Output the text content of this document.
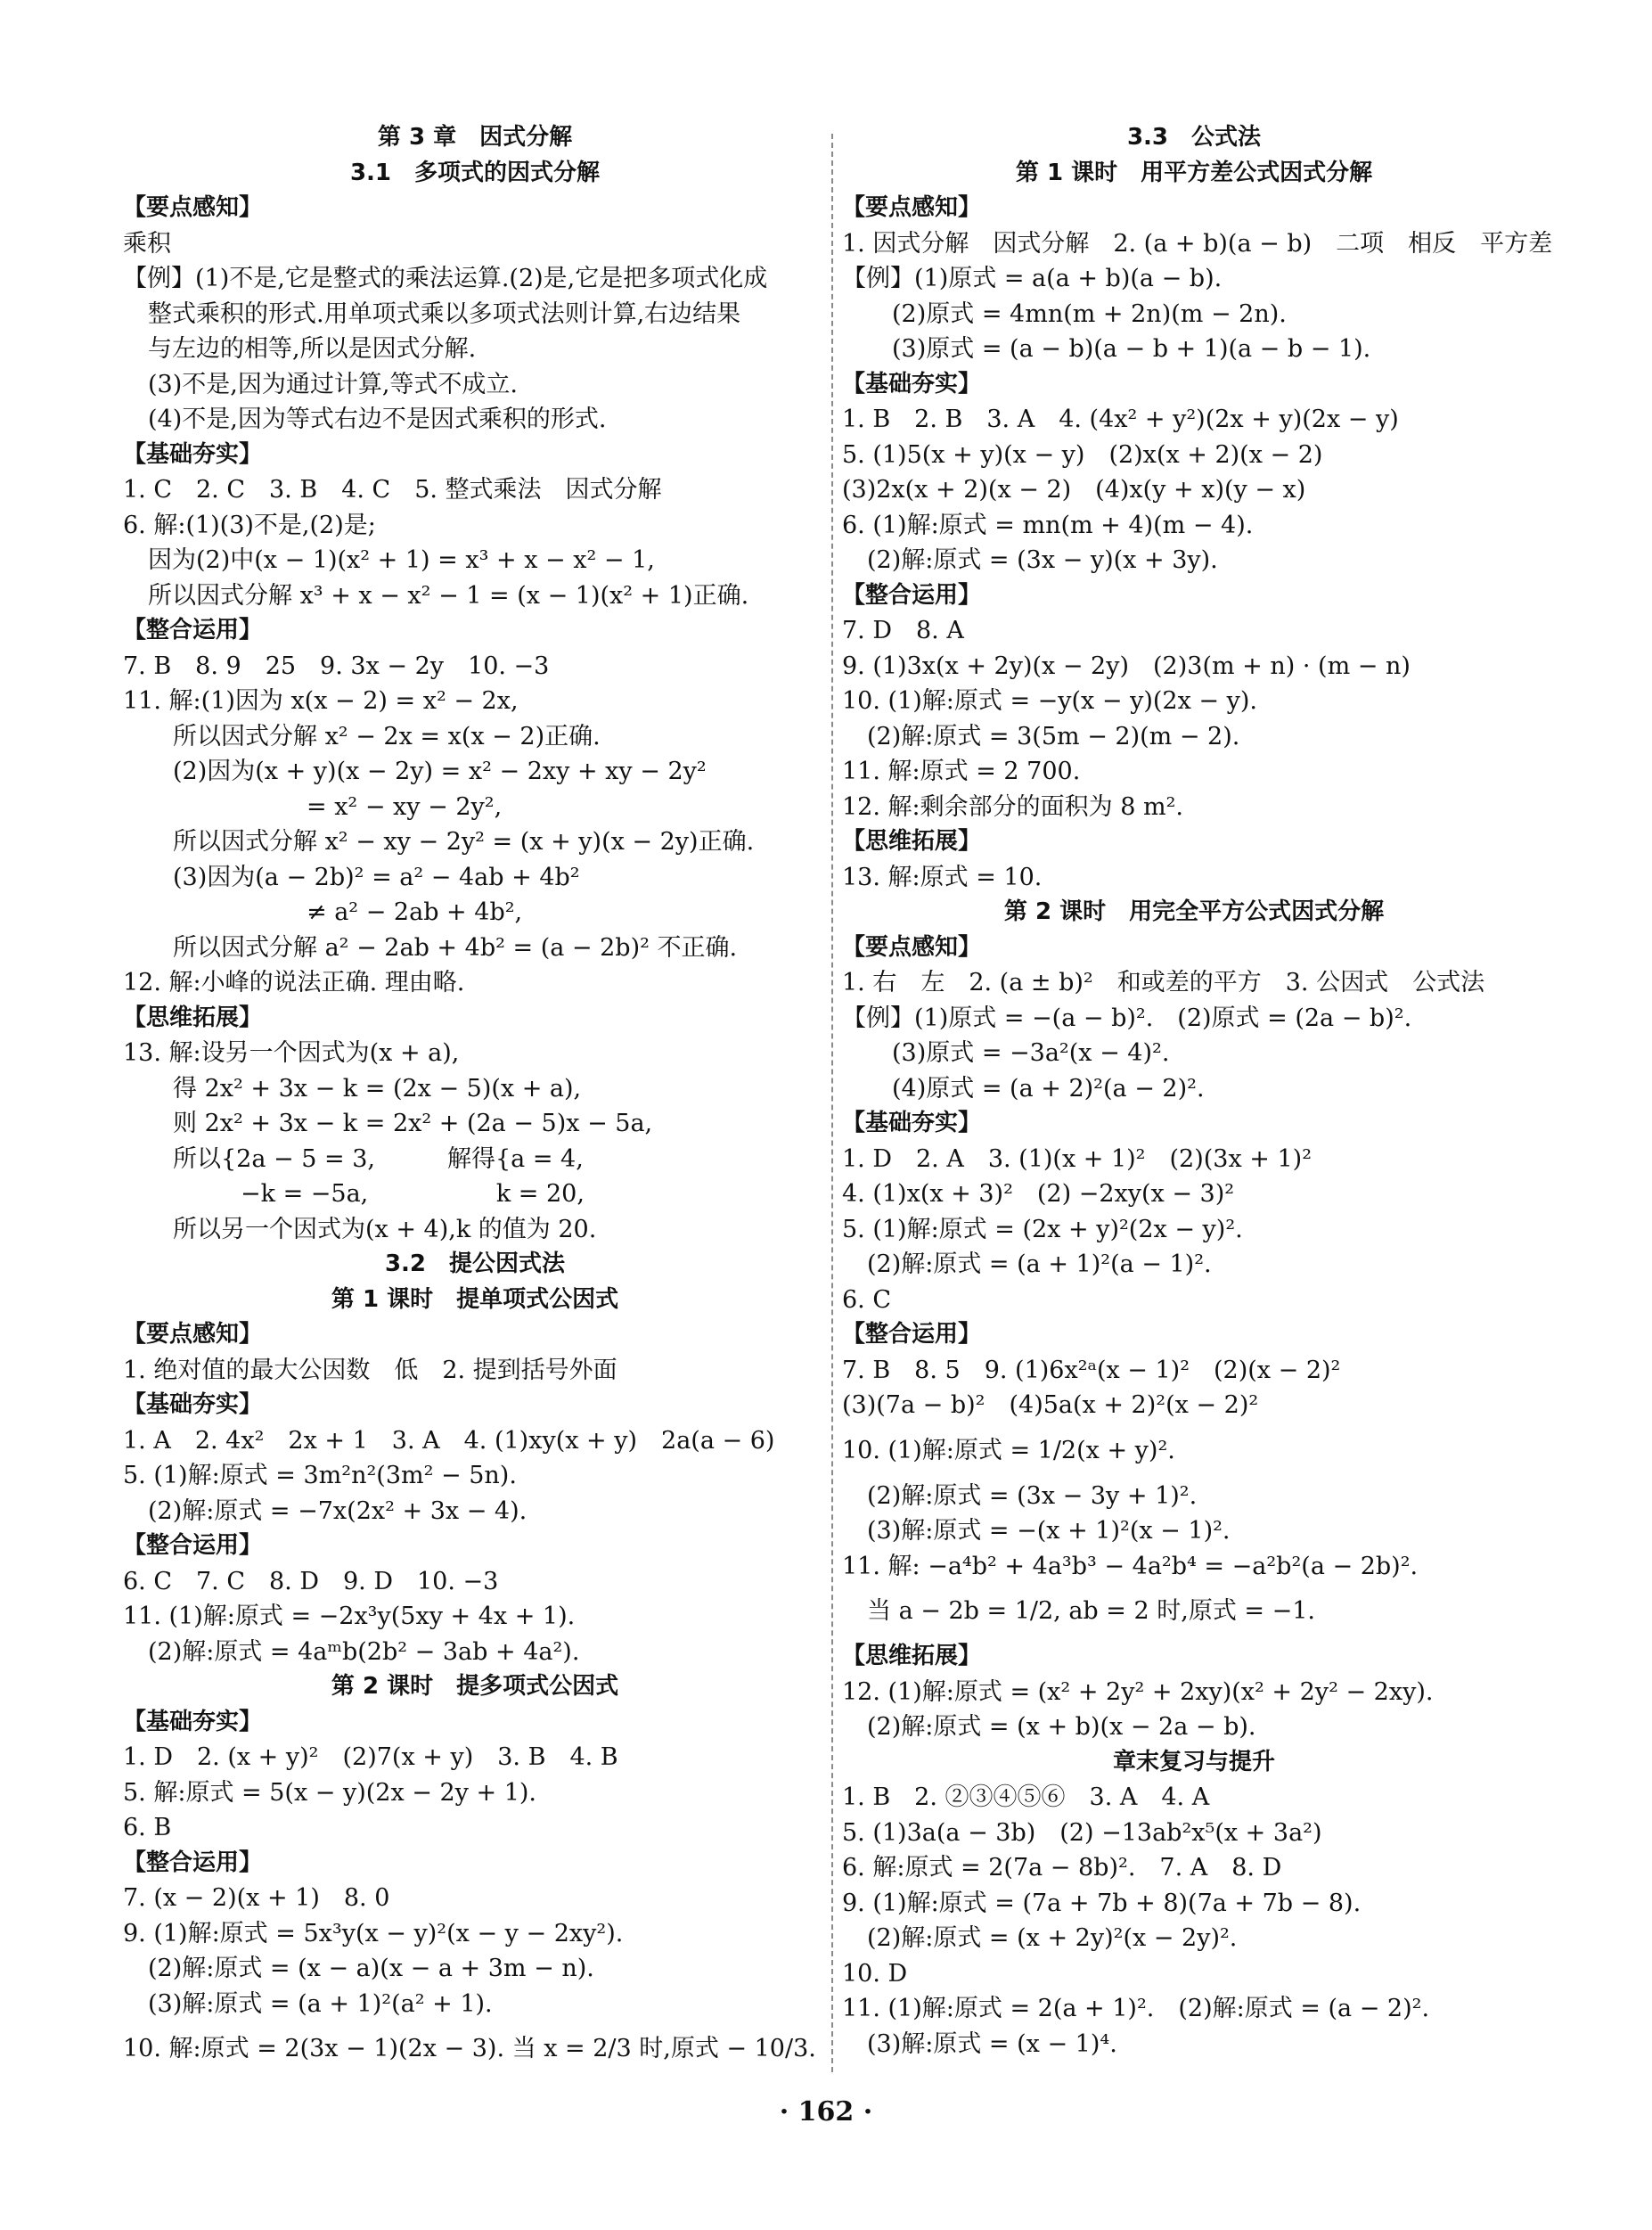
第 3 章　因式分解
3.1　多项式的因式分解
【要点感知】
乘积
【例】(1)不是,它是整式的乘法运算.(2)是,它是把多项式化成
整式乘积的形式.用单项式乘以多项式法则计算,右边结果
与左边的相等,所以是因式分解.
(3)不是,因为通过计算,等式不成立.
(4)不是,因为等式右边不是因式乘积的形式.
【基础夯实】
1. C　2. C　3. B　4. C　5. 整式乘法　因式分解
6. 解:(1)(3)不是,(2)是;
因为(2)中(x − 1)(x² + 1) = x³ + x − x² − 1,
所以因式分解 x³ + x − x² − 1 = (x − 1)(x² + 1)正确.
【整合运用】
7. B　8. 9　25　9. 3x − 2y　10. −3
11. 解:(1)因为 x(x − 2) = x² − 2x,
所以因式分解 x² − 2x = x(x − 2)正确.
(2)因为(x + y)(x − 2y) = x² − 2xy + xy − 2y²
= x² − xy − 2y²,
所以因式分解 x² − xy − 2y² = (x + y)(x − 2y)正确.
(3)因为(a − 2b)² = a² − 4ab + 4b²
≠ a² − 2ab + 4b²,
所以因式分解 a² − 2ab + 4b² = (a − 2b)² 不正确.
12. 解:小峰的说法正确. 理由略.
【思维拓展】
13. 解:设另一个因式为(x + a),
得 2x² + 3x − k = (2x − 5)(x + a),
则 2x² + 3x − k = 2x² + (2a − 5)x − 5a,
所以{2a − 5 = 3,　　　解得{a = 4,
　　−k = −5a,　　　　 　k = 20,
所以另一个因式为(x + 4),k 的值为 20.
3.2　提公因式法
第 1 课时　提单项式公因式
【要点感知】
1. 绝对值的最大公因数　低　2. 提到括号外面
【基础夯实】
1. A　2. 4x²　2x + 1　3. A　4. (1)xy(x + y)　2a(a − 6)
5. (1)解:原式 = 3m²n²(3m² − 5n).
(2)解:原式 = −7x(2x² + 3x − 4).
【整合运用】
6. C　7. C　8. D　9. D　10. −3
11. (1)解:原式 = −2x³y(5xy + 4x + 1).
(2)解:原式 = 4aᵐb(2b² − 3ab + 4a²).
第 2 课时　提多项式公因式
【基础夯实】
1. D　2. (x + y)²　(2)7(x + y)　3. B　4. B
5. 解:原式 = 5(x − y)(2x − 2y + 1).
6. B
【整合运用】
7. (x − 2)(x + 1)　8. 0
9. (1)解:原式 = 5x³y(x − y)²(x − y − 2xy²).
(2)解:原式 = (x − a)(x − a + 3m − n).
(3)解:原式 = (a + 1)²(a² + 1).
10. 解:原式 = 2(3x − 1)(2x − 3). 当 x = 2/3 时,原式 − 10/3.
3.3　公式法
第 1 课时　用平方差公式因式分解
【要点感知】
1. 因式分解　因式分解　2. (a + b)(a − b)　二项　相反　平方差
【例】(1)原式 = a(a + b)(a − b).
(2)原式 = 4mn(m + 2n)(m − 2n).
(3)原式 = (a − b)(a − b + 1)(a − b − 1).
【基础夯实】
1. B　2. B　3. A　4. (4x² + y²)(2x + y)(2x − y)
5. (1)5(x + y)(x − y)　(2)x(x + 2)(x − 2)
(3)2x(x + 2)(x − 2)　(4)x(y + x)(y − x)
6. (1)解:原式 = mn(m + 4)(m − 4).
(2)解:原式 = (3x − y)(x + 3y).
【整合运用】
7. D　8. A
9. (1)3x(x + 2y)(x − 2y)　(2)3(m + n) · (m − n)
10. (1)解:原式 = −y(x − y)(2x − y).
(2)解:原式 = 3(5m − 2)(m − 2).
11. 解:原式 = 2 700.
12. 解:剩余部分的面积为 8 m².
【思维拓展】
13. 解:原式 = 10.
第 2 课时　用完全平方公式因式分解
【要点感知】
1. 右　左　2. (a ± b)²　和或差的平方　3. 公因式　公式法
【例】(1)原式 = −(a − b)².　(2)原式 = (2a − b)².
(3)原式 = −3a²(x − 4)².
(4)原式 = (a + 2)²(a − 2)².
【基础夯实】
1. D　2. A　3. (1)(x + 1)²　(2)(3x + 1)²
4. (1)x(x + 3)²　(2) −2xy(x − 3)²
5. (1)解:原式 = (2x + y)²(2x − y)².
(2)解:原式 = (a + 1)²(a − 1)².
6. C
【整合运用】
7. B　8. 5　9. (1)6x²ᵃ(x − 1)²　(2)(x − 2)²
(3)(7a − b)²　(4)5a(x + 2)²(x − 2)²
10. (1)解:原式 = 1/2(x + y)².
(2)解:原式 = (3x − 3y + 1)².
(3)解:原式 = −(x + 1)²(x − 1)².
11. 解: −a⁴b² + 4a³b³ − 4a²b⁴ = −a²b²(a − 2b)².
当 a − 2b = 1/2, ab = 2 时,原式 = −1.
【思维拓展】
12. (1)解:原式 = (x² + 2y² + 2xy)(x² + 2y² − 2xy).
(2)解:原式 = (x + b)(x − 2a − b).
章末复习与提升
1. B　2. ②③④⑤⑥　3. A　4. A
5. (1)3a(a − 3b)　(2) −13ab²x⁵(x + 3a²)
6. 解:原式 = 2(7a − 8b)².　7. A　8. D
9. (1)解:原式 = (7a + 7b + 8)(7a + 7b − 8).
(2)解:原式 = (x + 2y)²(x − 2y)².
10. D
11. (1)解:原式 = 2(a + 1)².　(2)解:原式 = (a − 2)².
(3)解:原式 = (x − 1)⁴.
· 162 ·
